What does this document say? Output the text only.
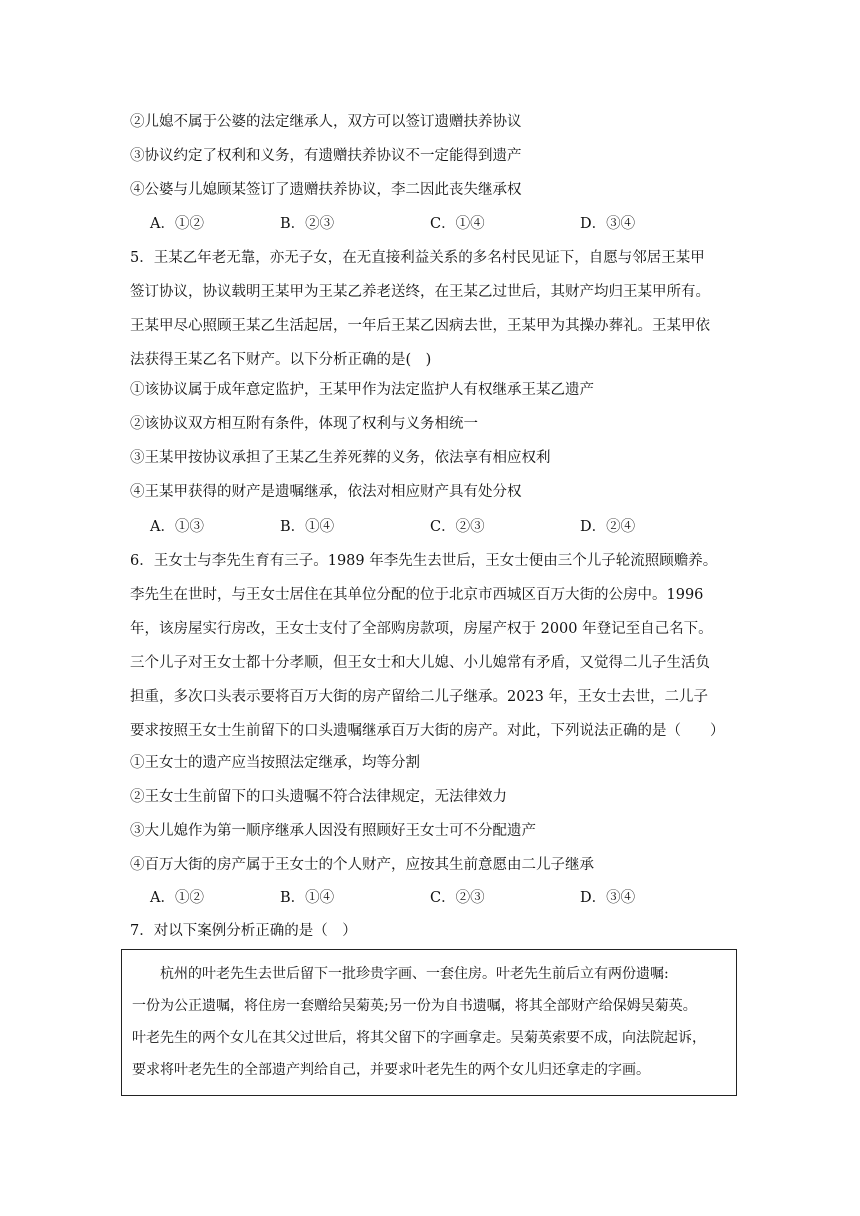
②儿媳不属于公婆的法定继承人，双方可以签订遗赠扶养协议
③协议约定了权利和义务，有遗赠扶养协议不一定能得到遗产
④公婆与儿媳顾某签订了遗赠扶养协议，李二因此丧失继承权
A．①②	B．②③	C．①④	D．③④
5．王某乙年老无靠，亦无子女，在无直接利益关系的多名村民见证下，自愿与邻居王某甲
签订协议，协议载明王某甲为王某乙养老送终，在王某乙过世后，其财产均归王某甲所有。
王某甲尽心照顾王某乙生活起居，一年后王某乙因病去世，王某甲为其操办葬礼。王某甲依
法获得王某乙名下财产。以下分析正确的是(　)
①该协议属于成年意定监护，王某甲作为法定监护人有权继承王某乙遗产
②该协议双方相互附有条件，体现了权利与义务相统一
③王某甲按协议承担了王某乙生养死葬的义务，依法享有相应权利
④王某甲获得的财产是遗嘱继承，依法对相应财产具有处分权
A．①③	B．①④	C．②③	D．②④
6．王女士与李先生育有三子。1989 年李先生去世后，王女士便由三个儿子轮流照顾赡养。
李先生在世时，与王女士居住在其单位分配的位于北京市西城区百万大街的公房中。1996
年，该房屋实行房改，王女士支付了全部购房款项，房屋产权于 2000 年登记至自己名下。
三个儿子对王女士都十分孝顺，但王女士和大儿媳、小儿媳常有矛盾，又觉得二儿子生活负
担重，多次口头表示要将百万大街的房产留给二儿子继承。2023 年，王女士去世，二儿子
要求按照王女士生前留下的口头遗嘱继承百万大街的房产。对此，下列说法正确的是（　　）
①王女士的遗产应当按照法定继承，均等分割
②王女士生前留下的口头遗嘱不符合法律规定，无法律效力
③大儿媳作为第一顺序继承人因没有照顾好王女士可不分配遗产
④百万大街的房产属于王女士的个人财产，应按其生前意愿由二儿子继承
A．①②	B．①④	C．②③	D．③④
7．对以下案例分析正确的是（　）
　　杭州的叶老先生去世后留下一批珍贵字画、一套住房。叶老先生前后立有两份遗嘱:
一份为公正遗嘱，将住房一套赠给吴菊英;另一份为自书遗嘱，将其全部财产给保姆吴菊英。
叶老先生的两个女儿在其父过世后，将其父留下的字画拿走。吴菊英索要不成，向法院起诉，
要求将叶老先生的全部遗产判给自己，并要求叶老先生的两个女儿归还拿走的字画。
